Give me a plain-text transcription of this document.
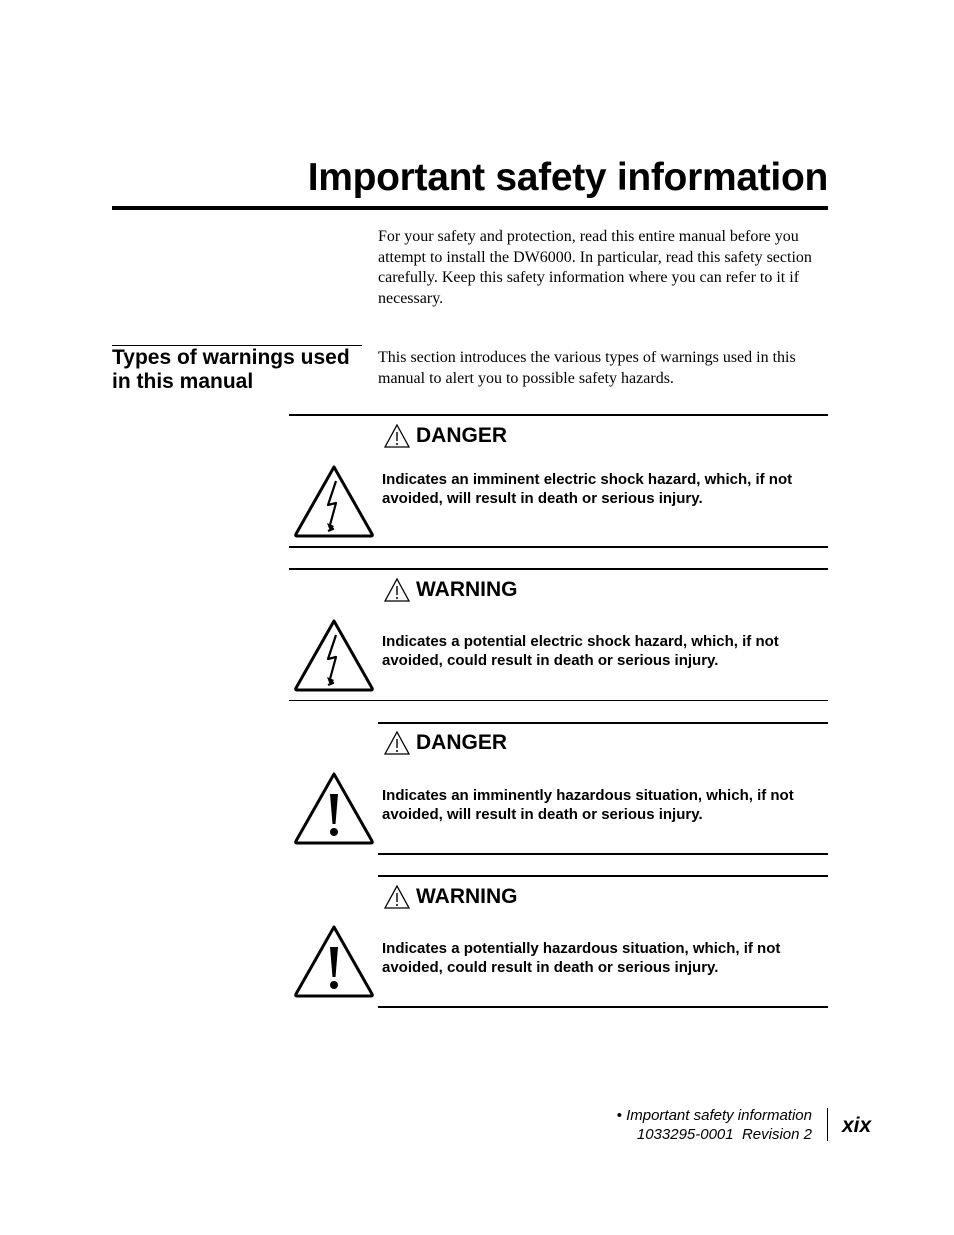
Important safety information
For your safety and protection, read this entire manual before you attempt to install the DW6000. In particular, read this safety section carefully. Keep this safety information where you can refer to it if necessary.
Types of warnings used in this manual
This section introduces the various types of warnings used in this manual to alert you to possible safety hazards.
DANGER
Indicates an imminent electric shock hazard, which, if not avoided, will result in death or serious injury.
WARNING
Indicates a potential electric shock hazard, which, if not avoided, could result in death or serious injury.
DANGER
Indicates an imminently hazardous situation, which, if not avoided, will result in death or serious injury.
WARNING
Indicates a potentially hazardous situation, which, if not avoided, could result in death or serious injury.
• Important safety information
1033295-0001  Revision 2 xix
